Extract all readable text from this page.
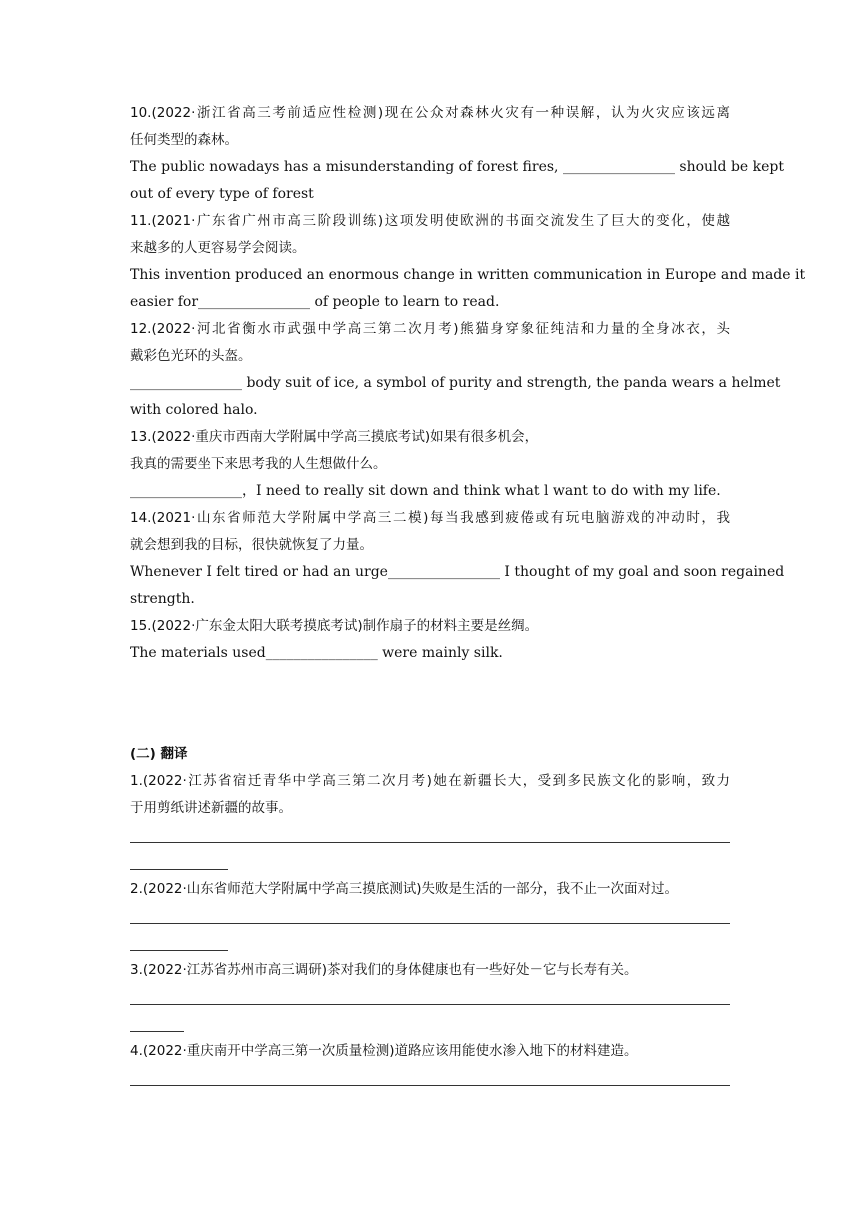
10.(2022·浙江省高三考前适应性检测)现在公众对森林火灾有一种误解，认为火灾应该远离
任何类型的森林。
The public nowadays has a misunderstanding of forest fires, ________________ should be kept
out of every type of forest
11.(2021·广东省广州市高三阶段训练)这项发明使欧洲的书面交流发生了巨大的变化，使越
来越多的人更容易学会阅读。
This invention produced an enormous change in written communication in Europe and made it
easier for________________ of people to learn to read.
12.(2022·河北省衡水市武强中学高三第二次月考)熊猫身穿象征纯洁和力量的全身冰衣，头
戴彩色光环的头盔。
________________ body suit of ice, a symbol of purity and strength, the panda wears a helmet
with colored halo.
13.(2022·重庆市西南大学附属中学高三摸底考试)如果有很多机会，
我真的需要坐下来思考我的人生想做什么。
________________，I need to really sit down and think what l want to do with my life.
14.(2021·山东省师范大学附属中学高三二模)每当我感到疲倦或有玩电脑游戏的冲动时，我
就会想到我的目标，很快就恢复了力量。
Whenever I felt tired or had an urge________________ I thought of my goal and soon regained
strength.
15.(2022·广东金太阳大联考摸底考试)制作扇子的材料主要是丝绸。
The materials used________________ were mainly silk.
(二) 翻译
1.(2022·江苏省宿迁青华中学高三第二次月考)她在新疆长大，受到多民族文化的影响，致力
于用剪纸讲述新疆的故事。
2.(2022·山东省师范大学附属中学高三摸底测试)失败是生活的一部分，我不止一次面对过。
3.(2022·江苏省苏州市高三调研)茶对我们的身体健康也有一些好处－它与长寿有关。
4.(2022·重庆南开中学高三第一次质量检测)道路应该用能使水渗入地下的材料建造。
